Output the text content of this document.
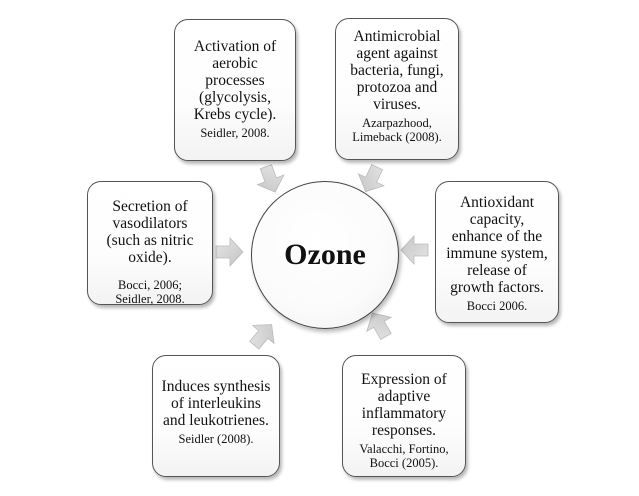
Activation of
aerobic
processes
(glycolysis,
Krebs cycle).
Seidler, 2008.
Antimicrobial
agent against
bacteria, fungi,
protozoa and
viruses.
Azarpazhood,
Limeback (2008).
Antioxidant
capacity,
enhance of the
immune system,
release of
growth factors.
Bocci 2006.
Expression of
adaptive
inflammatory
responses.
Valacchi, Fortino,
Bocci (2005).
Induces synthesis
of interleukins
and leukotrienes.
Seidler (2008).
Secretion of
vasodilators
(such as nitric
oxide).
Bocci, 2006;
Seidler, 2008.
Ozone
